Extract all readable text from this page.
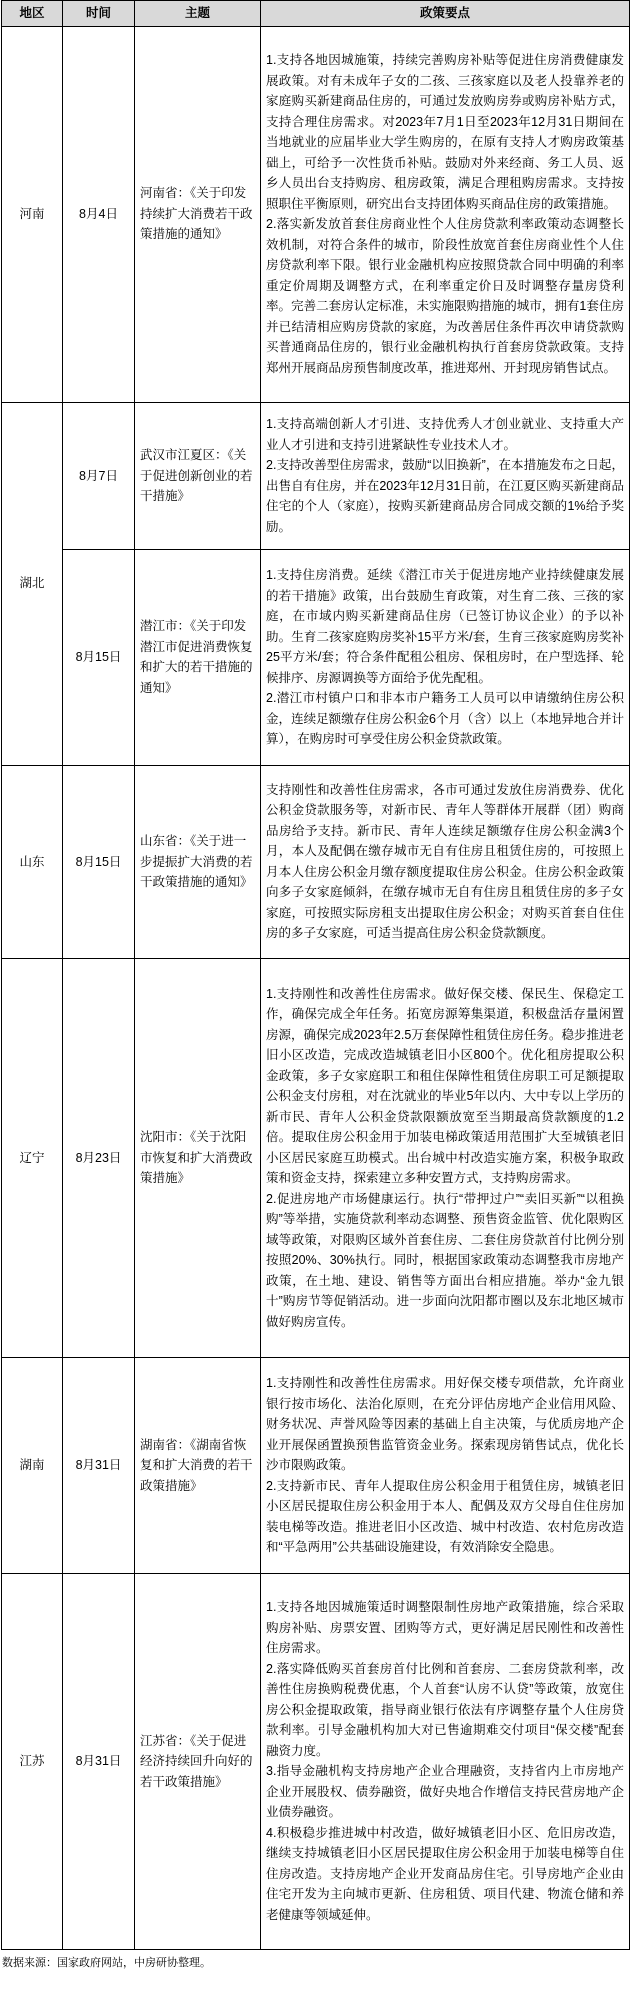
地区	时间	主题	政策要点
河南	8月4日	河南省：《关于印发持续扩大消费若干政策措施的通知》	1.支持各地因城施策，持续完善购房补贴等促进住房消费健康发展政策。对有未成年子女的二孩、三孩家庭以及老人投靠养老的家庭购买新建商品住房的，可通过发放购房券或购房补贴方式，支持合理住房需求。对2023年7月1日至2023年12月31日期间在当地就业的应届毕业大学生购房的，在原有支持人才购房政策基础上，可给予一次性货币补贴。鼓励对外来经商、务工人员、返乡人员出台支持购房、租房政策，满足合理租购房需求。支持按照职住平衡原则，研究出台支持团体购买商品住房的政策措施。

2.落实新发放首套住房商业性个人住房贷款利率政策动态调整长效机制，对符合条件的城市，阶段性放宽首套住房商业性个人住房贷款利率下限。银行业金融机构应按照贷款合同中明确的利率重定价周期及调整方式，在利率重定价日及时调整存量房贷利率。完善二套房认定标准，未实施限购措施的城市，拥有1套住房并已结清相应购房贷款的家庭，为改善居住条件再次申请贷款购买普通商品住房的，银行业金融机构执行首套房贷款政策。支持郑州开展商品房预售制度改革，推进郑州、开封现房销售试点。

湖北	8月7日	武汉市江夏区：《关于促进创新创业的若干措施》	1.支持高端创新人才引进、支持优秀人才创业就业、支持重大产业人才引进和支持引进紧缺性专业技术人才。

2.支持改善型住房需求，鼓励“以旧换新”，在本措施发布之日起，出售自有住房，并在2023年12月31日前，在江夏区购买新建商品住宅的个人（家庭），按购买新建商品房合同成交额的1%给予奖励。

	8月15日	潜江市：《关于印发潜江市促进消费恢复和扩大的若干措施的通知》	1.支持住房消费。延续《潜江市关于促进房地产业持续健康发展的若干措施》政策，出台鼓励生育政策，对生育二孩、三孩的家庭，在市域内购买新建商品住房（已签订协议企业）的予以补助。生育二孩家庭购房奖补15平方米/套，生育三孩家庭购房奖补25平方米/套；符合条件配租公租房、保租房时，在户型选择、轮候排序、房源调换等方面给予优先配租。

2.潜江市村镇户口和非本市户籍务工人员可以申请缴纳住房公积金，连续足额缴存住房公积金6个月（含）以上（本地异地合并计算），在购房时可享受住房公积金贷款政策。

山东	8月15日	山东省：《关于进一步提振扩大消费的若干政策措施的通知》	支持刚性和改善性住房需求，各市可通过发放住房消费券、优化公积金贷款服务等，对新市民、青年人等群体开展群（团）购商品房给予支持。新市民、青年人连续足额缴存住房公积金满3个月，本人及配偶在缴存城市无自有住房且租赁住房的，可按照上月本人住房公积金月缴存额度提取住房公积金。住房公积金政策向多子女家庭倾斜，在缴存城市无自有住房且租赁住房的多子女家庭，可按照实际房租支出提取住房公积金；对购买首套自住住房的多子女家庭，可适当提高住房公积金贷款额度。

辽宁	8月23日	沈阳市：《关于沈阳市恢复和扩大消费政策措施》	1.支持刚性和改善性住房需求。做好保交楼、保民生、保稳定工作，确保完成全年任务。拓宽房源筹集渠道，积极盘活存量闲置房源，确保完成2023年2.5万套保障性租赁住房任务。稳步推进老旧小区改造，完成改造城镇老旧小区800个。优化租房提取公积金政策，多子女家庭职工和租住保障性租赁住房职工可足额提取公积金支付房租，对在沈就业的毕业5年以内、大中专以上学历的新市民、青年人公积金贷款限额放宽至当期最高贷款额度的1.2倍。提取住房公积金用于加装电梯政策适用范围扩大至城镇老旧小区居民家庭互助模式。出台城中村改造实施方案，积极争取政策和资金支持，探索建立多种安置方式，支持购房需求。

2.促进房地产市场健康运行。执行“带押过户”“卖旧买新”“以租换购”等举措，实施贷款利率动态调整、预售资金监管、优化限购区域等政策，对限购区域外首套住房、二套住房贷款首付比例分别按照20%、30%执行。同时，根据国家政策动态调整我市房地产政策，在土地、建设、销售等方面出台相应措施。举办“金九银十”购房节等促销活动。进一步面向沈阳都市圈以及东北地区城市做好购房宣传。

湖南	8月31日	湖南省：《湖南省恢复和扩大消费的若干政策措施》	1.支持刚性和改善性住房需求。用好保交楼专项借款，允许商业银行按市场化、法治化原则，在充分评估房地产企业信用风险、财务状况、声誉风险等因素的基础上自主决策，与优质房地产企业开展保函置换预售监管资金业务。探索现房销售试点，优化长沙市限购政策。

2.支持新市民、青年人提取住房公积金用于租赁住房，城镇老旧小区居民提取住房公积金用于本人、配偶及双方父母自住住房加装电梯等改造。推进老旧小区改造、城中村改造、农村危房改造和“平急两用”公共基础设施建设，有效消除安全隐患。

江苏	8月31日	江苏省：《关于促进经济持续回升向好的若干政策措施》	1.支持各地因城施策适时调整限制性房地产政策措施，综合采取购房补贴、房票安置、团购等方式，更好满足居民刚性和改善性住房需求。

2.落实降低购买首套房首付比例和首套房、二套房贷款利率，改善性住房换购税费优惠，个人首套“认房不认贷”等政策，放宽住房公积金提取政策，指导商业银行依法有序调整存量个人住房贷款利率。引导金融机构加大对已售逾期难交付项目“保交楼”配套融资力度。

3.指导金融机构支持房地产企业合理融资，支持省内上市房地产企业开展股权、债券融资，做好央地合作增信支持民营房地产企业债券融资。

4.积极稳步推进城中村改造，做好城镇老旧小区、危旧房改造，继续支持城镇老旧小区居民提取住房公积金用于加装电梯等自住住房改造。支持房地产企业开发商品房住宅。引导房地产企业由住宅开发为主向城市更新、住房租赁、项目代建、物流仓储和养老健康等领域延伸。

数据来源：国家政府网站，中房研协整理。
